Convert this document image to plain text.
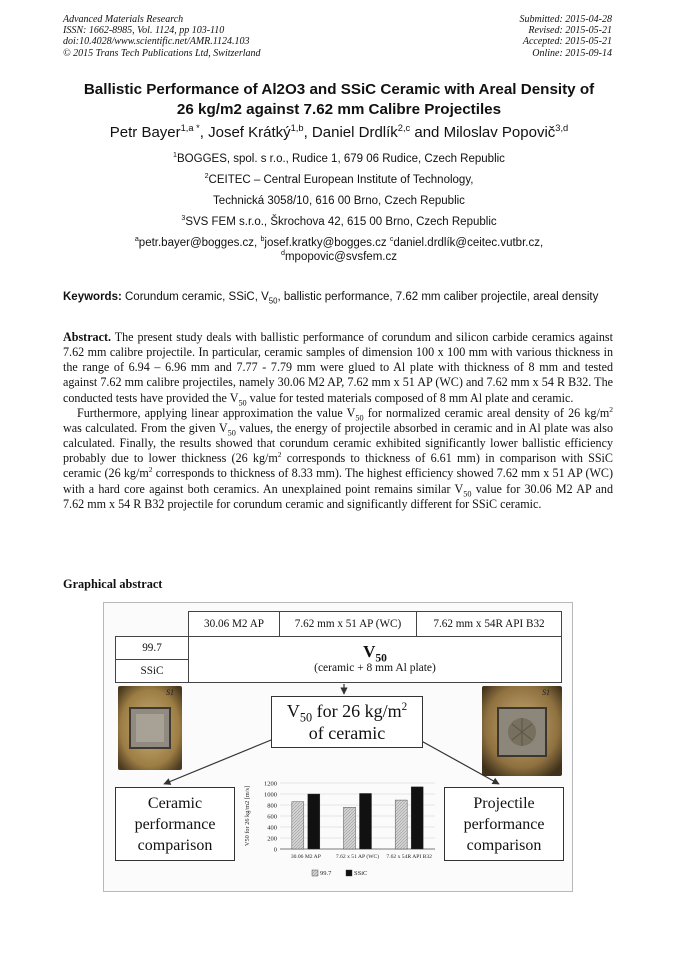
Advanced Materials Research
ISSN: 1662-8985, Vol. 1124, pp 103-110
doi:10.4028/www.scientific.net/AMR.1124.103
© 2015 Trans Tech Publications Ltd, Switzerland
Submitted: 2015-04-28
Revised: 2015-05-21
Accepted: 2015-05-21
Online: 2015-09-14
Ballistic Performance of Al2O3 and SSiC Ceramic with Areal Density of
26 kg/m2 against 7.62 mm Calibre Projectiles
Petr Bayer$^{1,a *}$, Josef Krátký$^{1,b}$, Daniel Drdlík$^{2,c}$ and Miloslav Popovič$^{3,d}$
$^1$BOGGES, spol. s r.o., Rudice 1, 679 06 Rudice, Czech Republic
$^2$CEITEC – Central European Institute of Technology,
Technická 3058/10, 616 00 Brno, Czech Republic
$^3$SVS FEM s.r.o., Škrochova 42, 615 00 Brno, Czech Republic
$^a$petr.bayer@bogges.cz, $^b$josef.kratky@bogges.cz $^c$daniel.drdlík@ceitec.vutbr.cz,
$^d$mpopovic@svsfem.cz
Keywords: Corundum ceramic, SSiC, $V_{50}$, ballistic performance, 7.62 mm caliber projectile, areal density

Abstract. The present study deals with ballistic performance of corundum and silicon carbide ceramics against 7.62 mm calibre projectile. In particular, ceramic samples of dimension 100 x 100 mm with various thickness in the range of 6.94 – 6.96 mm and 7.77 - 7.79 mm were glued to Al plate with thickness of 8 mm and tested against 7.62 mm calibre projectiles, namely 30.06 M2 AP, 7.62 mm x 51 AP (WC) and 7.62 mm x 54 R B32. The conducted tests have provided the $V_{50}$ value for tested materials composed of 8 mm Al plate and ceramic.

Furthermore, applying linear approximation the value $V_{50}$ for normalized ceramic areal density of 26 $kg/m^2$ was calculated. From the given $V_{50}$ values, the energy of projectile absorbed in ceramic and in Al plate was also calculated. Finally, the results showed that corundum ceramic exhibited significantly lower ballistic efficiency probably due to lower thickness (26 $kg/m^2$ corresponds to thickness of 6.61 mm) in comparison with SSiC ceramic (26 $kg/m^2$ corresponds to thickness of 8.33 mm). The highest efficiency showed 7.62 mm x 51 AP (WC) with a hard core against both ceramics. An unexplained point remains similar $V_{50}$ value for 30.06 M2 AP and 7.62 mm x 54 R B32 projectile for corundum ceramic and significantly different for SSiC ceramic.

Graphical abstract
30.06 M2 AP	7.62 mm x 51 AP (WC)	7.62 mm x 54R API B32
99.7
SSiC
$V_{50}$
(ceramic + 8 mm Al plate)
S1	S1
$V_{50}$ for 26 $kg/m^2$
of ceramic
Ceramic
performance
comparison
Projectile
performance
comparison
0
200
400
600
800
1000
1200
V50 for 26 kg/m2 [m/s]
30.06 M2 AP	7.62 x 51 AP (WC) 7.62 x 54R API B32
99.7	SSiC
